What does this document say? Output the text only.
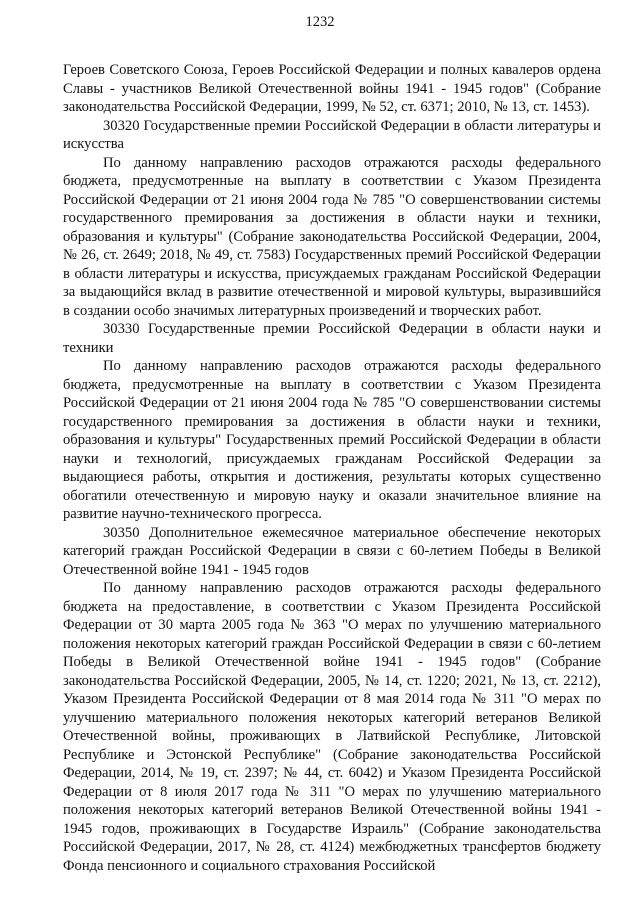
1232

Героев Советского Союза, Героев Российской Федерации и полных кавалеров ордена Славы - участников Великой Отечественной войны 1941 - 1945 годов" (Собрание законодательства Российской Федерации, 1999, № 52, ст. 6371; 2010, № 13, ст. 1453).

30320 Государственные премии Российской Федерации в области литературы и искусства

По данному направлению расходов отражаются расходы федерального бюджета, предусмотренные на выплату в соответствии с Указом Президента Российской Федерации от 21 июня 2004 года № 785 "О совершенствовании системы государственного премирования за достижения в области науки и техники, образования и культуры" (Собрание законодательства Российской Федерации, 2004, № 26, ст. 2649; 2018, № 49, ст. 7583) Государственных премий Российской Федерации в области литературы и искусства, присуждаемых гражданам Российской Федерации за выдающийся вклад в развитие отечественной и мировой культуры, выразившийся в создании особо значимых литературных произведений и творческих работ.

30330 Государственные премии Российской Федерации в области науки и техники

По данному направлению расходов отражаются расходы федерального бюджета, предусмотренные на выплату в соответствии с Указом Президента Российской Федерации от 21 июня 2004 года № 785 "О совершенствовании системы государственного премирования за достижения в области науки и техники, образования и культуры" Государственных премий Российской Федерации в области науки и технологий, присуждаемых гражданам Российской Федерации за выдающиеся работы, открытия и достижения, результаты которых существенно обогатили отечественную и мировую науку и оказали значительное влияние на развитие научно-технического прогресса.

30350 Дополнительное ежемесячное материальное обеспечение некоторых категорий граждан Российской Федерации в связи с 60-летием Победы в Великой Отечественной войне 1941 - 1945 годов

По данному направлению расходов отражаются расходы федерального бюджета на предоставление, в соответствии с Указом Президента Российской Федерации от 30 марта 2005 года № 363 "О мерах по улучшению материального положения некоторых категорий граждан Российской Федерации в связи с 60-летием Победы в Великой Отечественной войне 1941 - 1945 годов" (Собрание законодательства Российской Федерации, 2005, № 14, ст. 1220; 2021, № 13, ст. 2212), Указом Президента Российской Федерации от 8 мая 2014 года № 311 "О мерах по улучшению материального положения некоторых категорий ветеранов Великой Отечественной войны, проживающих в Латвийской Республике, Литовской Республике и Эстонской Республике" (Собрание законодательства Российской Федерации, 2014, № 19, ст. 2397; № 44, ст. 6042) и Указом Президента Российской Федерации от 8 июля 2017 года № 311 "О мерах по улучшению материального положения некоторых категорий ветеранов Великой Отечественной войны 1941 - 1945 годов, проживающих в Государстве Израиль" (Собрание законодательства Российской Федерации, 2017, № 28, ст. 4124) межбюджетных трансфертов бюджету Фонда пенсионного и социального страхования Российской
